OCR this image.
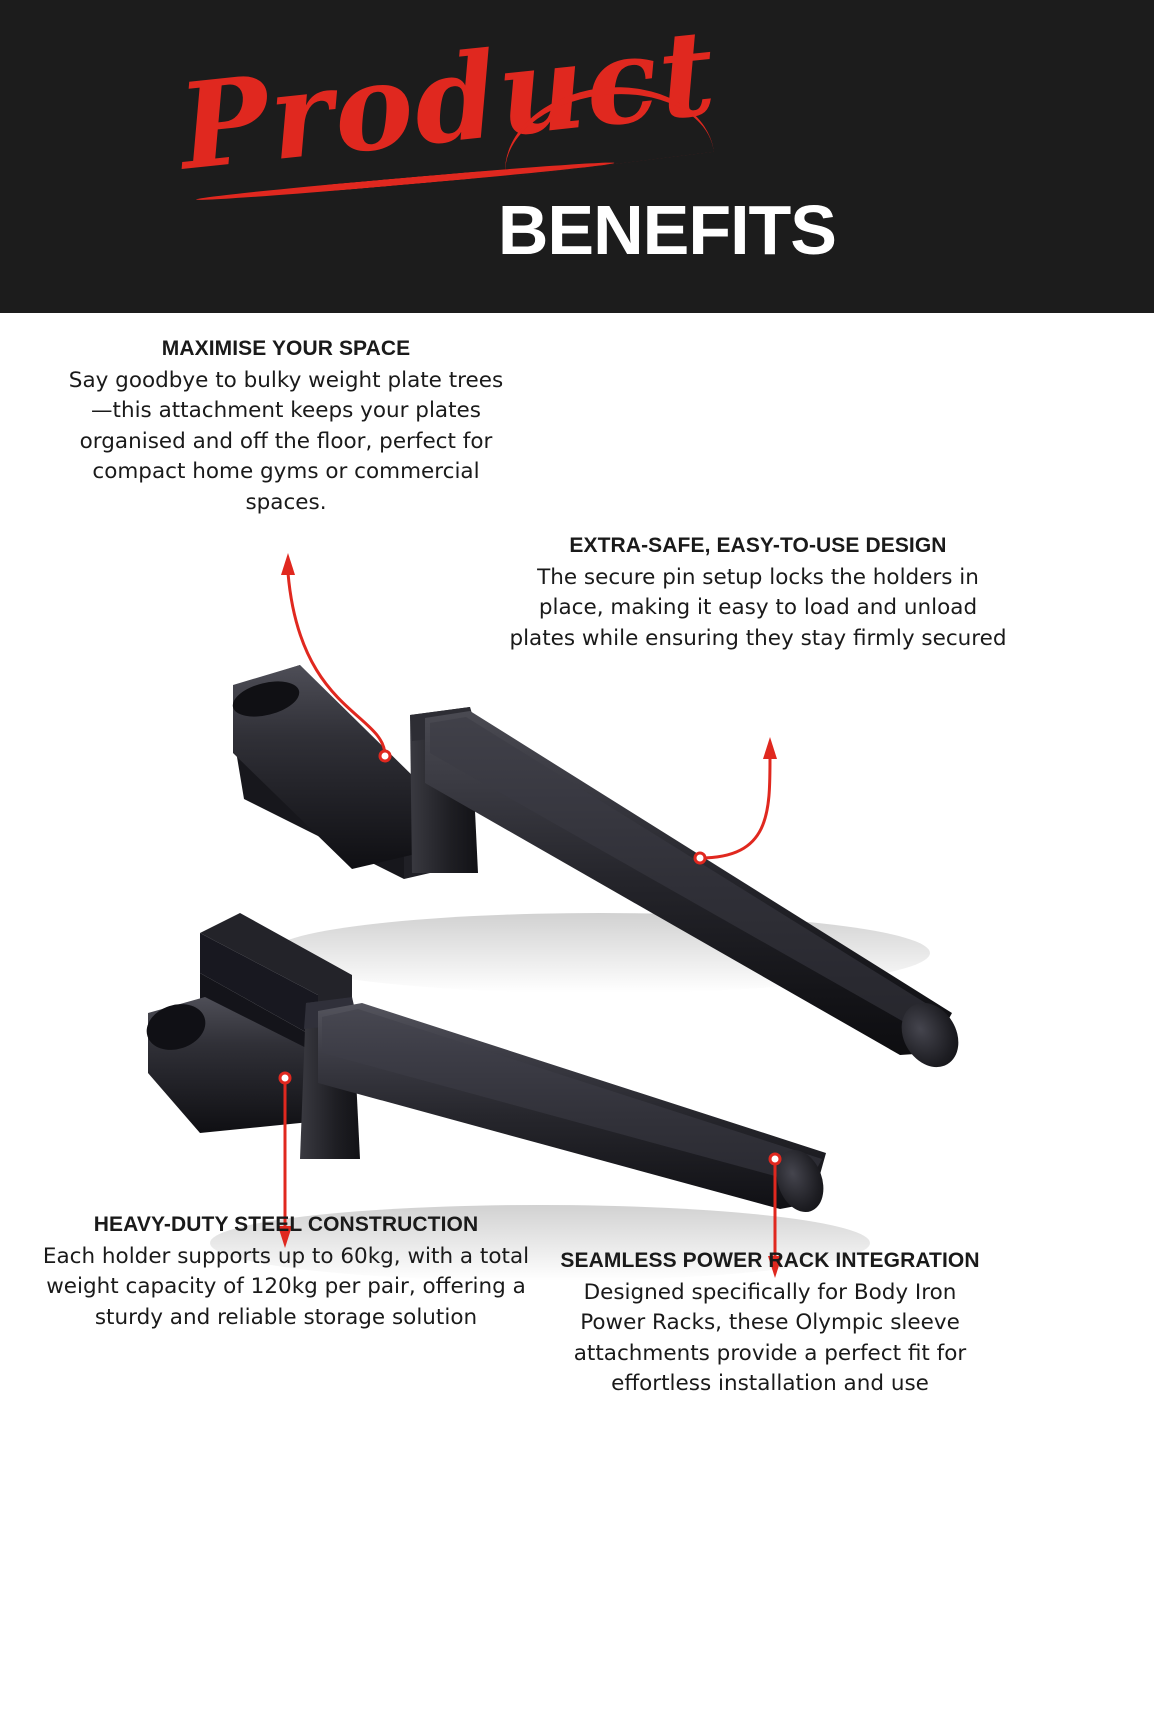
Product
BENEFITS
MAXIMISE YOUR SPACE
Say goodbye to bulky weight plate trees—this attachment keeps your plates organised and off the floor, perfect for compact home gyms or commercial spaces.
EXTRA-SAFE, EASY-TO-USE DESIGN
The secure pin setup locks the holders in place, making it easy to load and unload plates while ensuring they stay firmly secured
HEAVY-DUTY STEEL CONSTRUCTION
Each holder supports up to 60kg, with a total weight capacity of 120kg per pair, offering a sturdy and reliable storage solution
SEAMLESS POWER RACK INTEGRATION
Designed specifically for Body Iron Power Racks, these Olympic sleeve attachments provide a perfect fit for effortless installation and use
